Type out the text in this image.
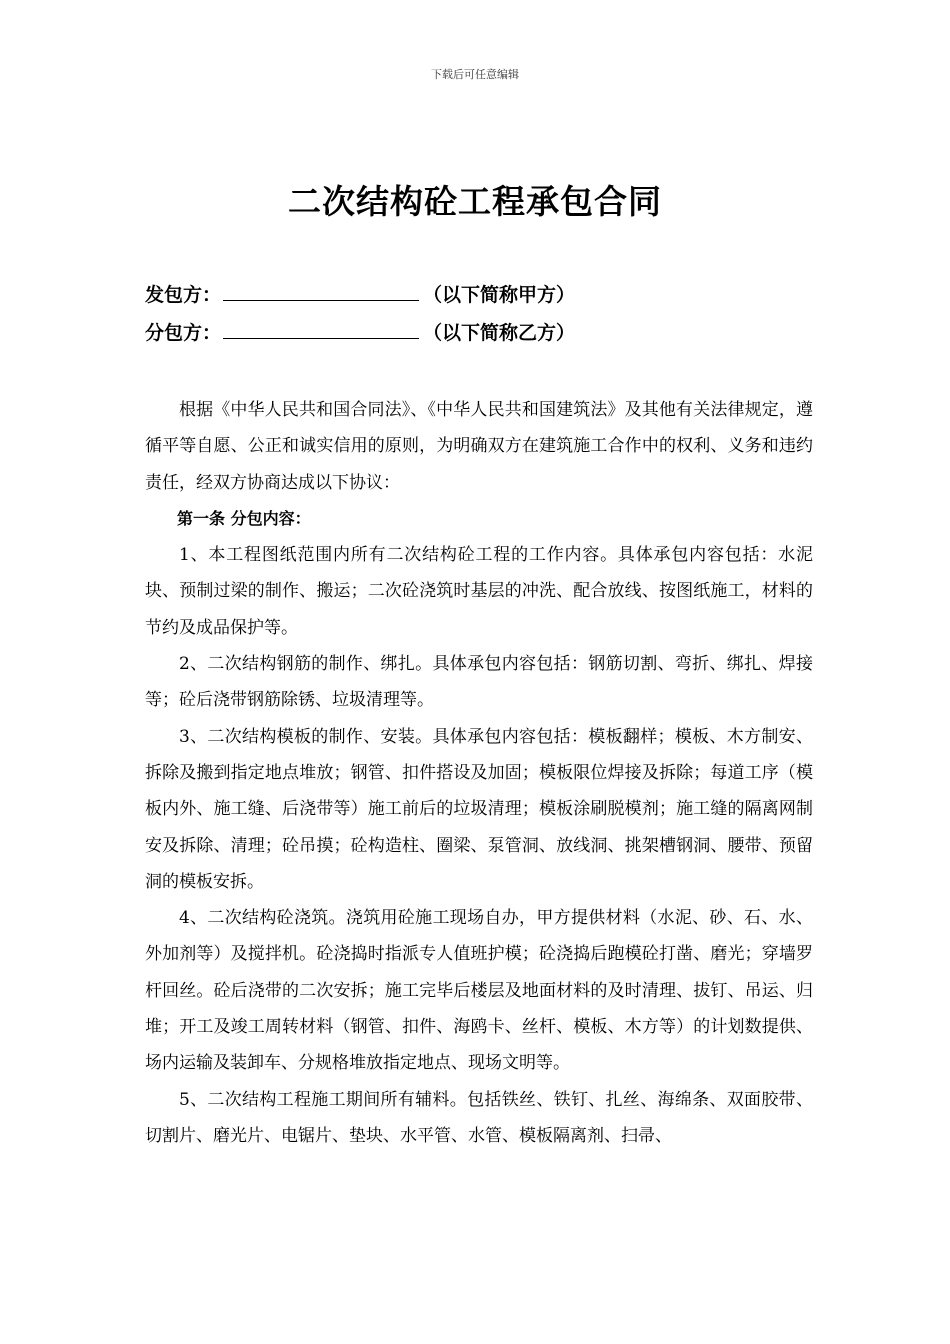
下载后可任意编辑
二次结构砼工程承包合同
发包方：	（以下简称甲方）
分包方：	（以下简称乙方）

根据《中华人民共和国合同法》、《中华人民共和国建筑法》及其他有关法律规定，遵循平等自愿、公正和诚实信用的原则，为明确双方在建筑施工合作中的权利、义务和违约责任，经双方协商达成以下协议：

第一条 分包内容：

1、本工程图纸范围内所有二次结构砼工程的工作内容。具体承包内容包括：水泥块、预制过梁的制作、搬运；二次砼浇筑时基层的冲洗、配合放线、按图纸施工，材料的节约及成品保护等。

2、二次结构钢筋的制作、绑扎。具体承包内容包括：钢筋切割、弯折、绑扎、焊接等；砼后浇带钢筋除锈、垃圾清理等。

3、二次结构模板的制作、安装。具体承包内容包括：模板翻样；模板、木方制安、拆除及搬到指定地点堆放；钢管、扣件搭设及加固；模板限位焊接及拆除；每道工序（模板内外、施工缝、后浇带等）施工前后的垃圾清理；模板涂刷脱模剂；施工缝的隔离网制安及拆除、清理；砼吊摸；砼构造柱、圈梁、泵管洞、放线洞、挑架槽钢洞、腰带、预留洞的模板安拆。

4、二次结构砼浇筑。浇筑用砼施工现场自办，甲方提供材料（水泥、砂、石、水、外加剂等）及搅拌机。砼浇捣时指派专人值班护模；砼浇捣后跑模砼打凿、磨光；穿墙罗杆回丝。砼后浇带的二次安拆；施工完毕后楼层及地面材料的及时清理、拔钉、吊运、归堆；开工及竣工周转材料（钢管、扣件、海鸥卡、丝杆、模板、木方等）的计划数提供、场内运输及装卸车、分规格堆放指定地点、现场文明等。

5、二次结构工程施工期间所有辅料。包括铁丝、铁钉、扎丝、海绵条、双面胶带、切割片、磨光片、电锯片、垫块、水平管、水管、模板隔离剂、扫帚、
